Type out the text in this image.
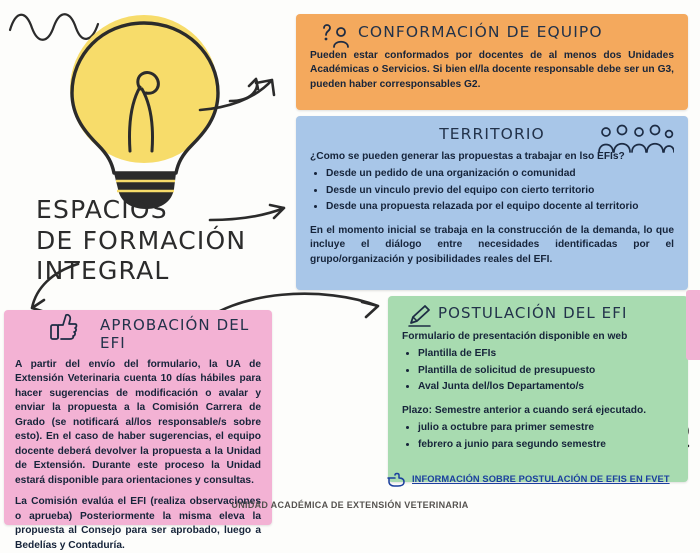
ESPACIOS
DE FORMACIÓN
INTEGRAL
CONFORMACIÓN DE EQUIPO

Pueden estar conformados por docentes de al menos dos Unidades Académicas o Servicios. Si bien el/la docente responsable debe ser un G3, pueden haber corresponsables G2.

TERRITORIO

¿Como se pueden generar las propuestas a trabajar en lso EFIs?

• Desde un pedido de una organización o comunidad
• Desde un vinculo previo del equipo con cierto territorio
• Desde una propuesta relazada por el equipo docente al territorio

En el momento inicial se trabaja en la construcción de la demanda, lo que incluye el diálogo entre necesidades identificadas por el grupo/organización y posibilidades reales del EFI.

POSTULACIÓN DEL EFI

Formulario de presentación disponible en web

• Plantilla de EFIs
• Plantilla de solicitud de presupuesto
• Aval Junta del/los Departamento/s

Plazo: Semestre anterior a cuando será ejecutado.

• julio a octubre para primer semestre
• febrero a junio para segundo semestre
APROBACIÓN DEL EFI

A partir del envío del formulario, la UA de Extensión Veterinaria cuenta 10 días hábiles para hacer sugerencias de modificación o avalar y enviar la propuesta a la Comisión Carrera de Grado (se notificará al/los responsable/s sobre esto). En el caso de haber sugerencias, el equipo docente deberá devolver la propuesta a la Unidad de Extensión. Durante este proceso la Unidad estará disponible para orientaciones y consultas.

La Comisión evalúa el EFI (realiza observaciones o aprueba) Posteriormente la misma eleva la propuesta al Consejo para ser aprobado, luego a Bedelías y Contaduría.

INFORMACIÓN SOBRE POSTULACIÓN DE EFIS EN FVET
UNIDAD ACADÉMICA DE EXTENSIÓN VETERINARIA
